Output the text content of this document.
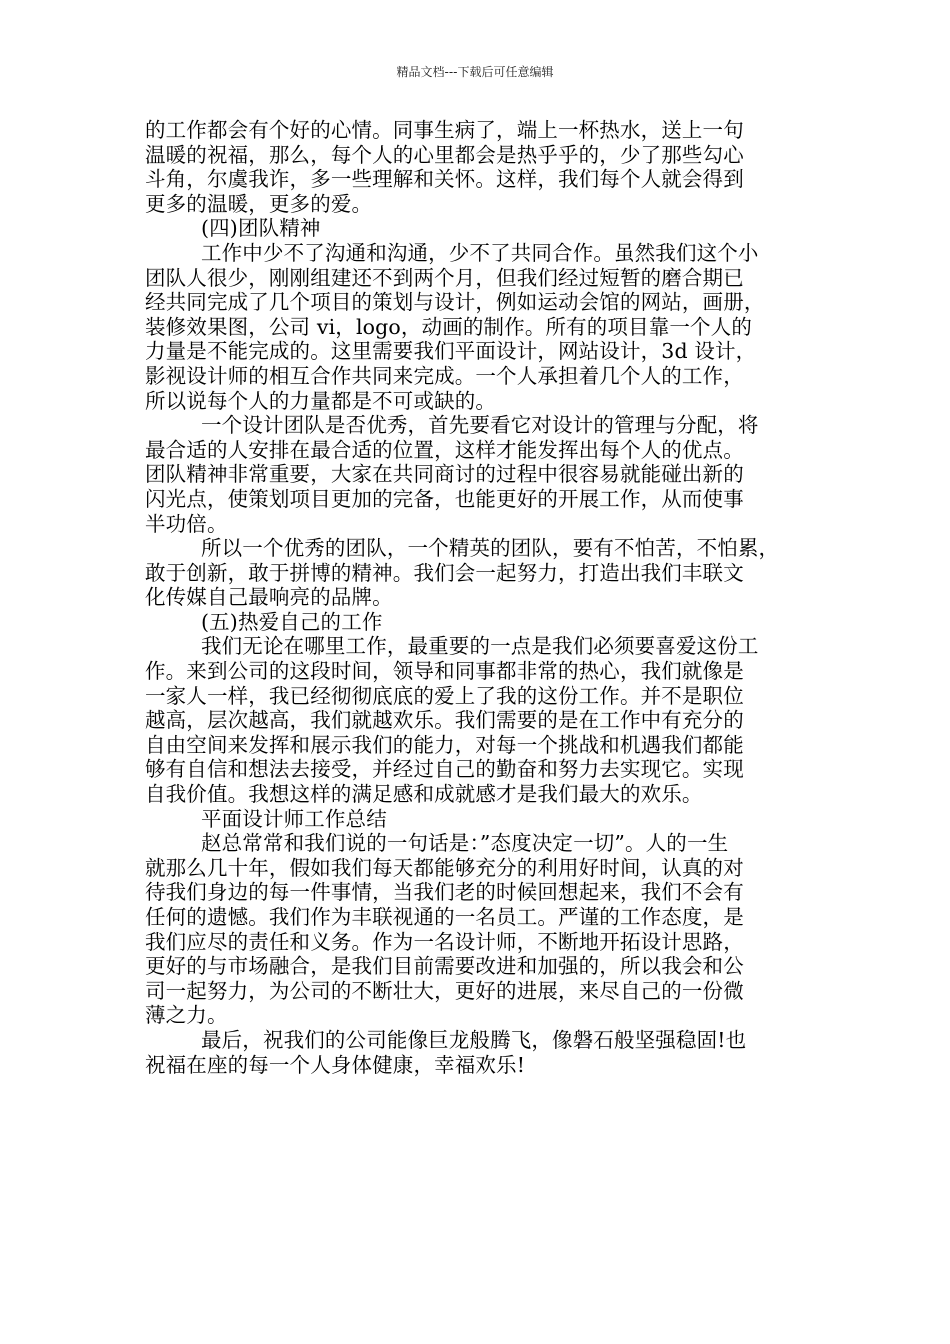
精品文档---下载后可任意编辑
的工作都会有个好的心情。同事生病了，端上一杯热水，送上一句
温暖的祝福，那么，每个人的心里都会是热乎乎的，少了那些勾心
斗角，尔虞我诈，多一些理解和关怀。这样，我们每个人就会得到
更多的温暖，更多的爱。
(四)团队精神
工作中少不了沟通和沟通，少不了共同合作。虽然我们这个小
团队人很少，刚刚组建还不到两个月，但我们经过短暂的磨合期已
经共同完成了几个项目的策划与设计，例如运动会馆的网站，画册，
装修效果图，公司 vi，logo，动画的制作。所有的项目靠一个人的
力量是不能完成的。这里需要我们平面设计，网站设计，3d 设计，
影视设计师的相互合作共同来完成。一个人承担着几个人的工作，
所以说每个人的力量都是不可或缺的。
一个设计团队是否优秀，首先要看它对设计的管理与分配，将
最合适的人安排在最合适的位置，这样才能发挥出每个人的优点。
团队精神非常重要，大家在共同商讨的过程中很容易就能碰出新的
闪光点，使策划项目更加的完备，也能更好的开展工作，从而使事
半功倍。
所以一个优秀的团队，一个精英的团队，要有不怕苦，不怕累，
敢于创新，敢于拼博的精神。我们会一起努力，打造出我们丰联文
化传媒自己最响亮的品牌。
(五)热爱自己的工作
我们无论在哪里工作，最重要的一点是我们必须要喜爱这份工
作。来到公司的这段时间，领导和同事都非常的热心，我们就像是
一家人一样，我已经彻彻底底的爱上了我的这份工作。并不是职位
越高，层次越高，我们就越欢乐。我们需要的是在工作中有充分的
自由空间来发挥和展示我们的能力，对每一个挑战和机遇我们都能
够有自信和想法去接受，并经过自己的勤奋和努力去实现它。实现
自我价值。我想这样的满足感和成就感才是我们最大的欢乐。
平面设计师工作总结
赵总常常和我们说的一句话是：”态度决定一切”。人的一生
就那么几十年，假如我们每天都能够充分的利用好时间，认真的对
待我们身边的每一件事情，当我们老的时候回想起来，我们不会有
任何的遗憾。我们作为丰联视通的一名员工。严谨的工作态度，是
我们应尽的责任和义务。作为一名设计师，不断地开拓设计思路，
更好的与市场融合，是我们目前需要改进和加强的，所以我会和公
司一起努力，为公司的不断壮大，更好的进展，来尽自己的一份微
薄之力。
最后，祝我们的公司能像巨龙般腾飞，像磐石般坚强稳固!也
祝福在座的每一个人身体健康，幸福欢乐!
